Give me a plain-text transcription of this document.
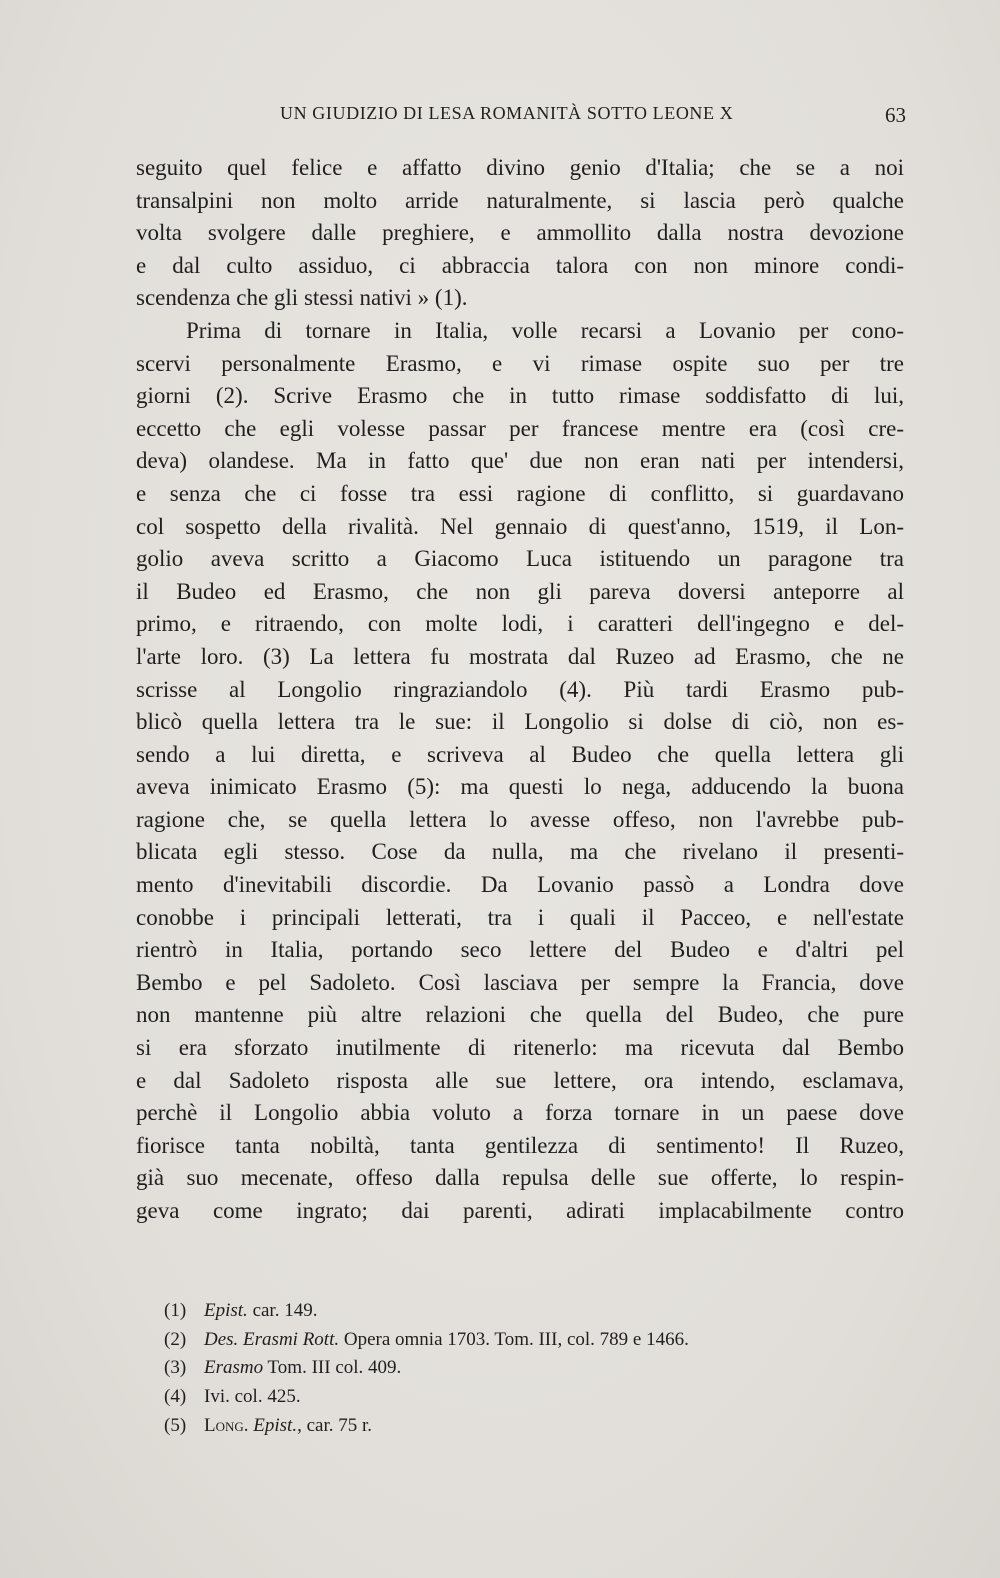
UN GIUDIZIO DI LESA ROMANITÀ SOTTO LEONE X	63
seguito quel felice e affatto divino genio d'Italia; che se a noi
transalpini non molto arride naturalmente, si lascia però qualche
volta svolgere dalle preghiere, e ammollito dalla nostra devozione
e dal culto assiduo, ci abbraccia talora con non minore condi-
scendenza che gli stessi nativi » (1).
Prima di tornare in Italia, volle recarsi a Lovanio per cono-
scervi personalmente Erasmo, e vi rimase ospite suo per tre
giorni (2). Scrive Erasmo che in tutto rimase soddisfatto di lui,
eccetto che egli volesse passar per francese mentre era (così cre-
deva) olandese. Ma in fatto que' due non eran nati per intendersi,
e senza che ci fosse tra essi ragione di conflitto, si guardavano
col sospetto della rivalità. Nel gennaio di quest'anno, 1519, il Lon-
golio aveva scritto a Giacomo Luca istituendo un paragone tra
il Budeo ed Erasmo, che non gli pareva doversi anteporre al
primo, e ritraendo, con molte lodi, i caratteri dell'ingegno e del-
l'arte loro. (3) La lettera fu mostrata dal Ruzeo ad Erasmo, che ne
scrisse al Longolio ringraziandolo (4). Più tardi Erasmo pub-
blicò quella lettera tra le sue: il Longolio si dolse di ciò, non es-
sendo a lui diretta, e scriveva al Budeo che quella lettera gli
aveva inimicato Erasmo (5): ma questi lo nega, adducendo la buona
ragione che, se quella lettera lo avesse offeso, non l'avrebbe pub-
blicata egli stesso. Cose da nulla, ma che rivelano il presenti-
mento d'inevitabili discordie. Da Lovanio passò a Londra dove
conobbe i principali letterati, tra i quali il Pacceo, e nell'estate
rientrò in Italia, portando seco lettere del Budeo e d'altri pel
Bembo e pel Sadoleto. Così lasciava per sempre la Francia, dove
non mantenne più altre relazioni che quella del Budeo, che pure
si era sforzato inutilmente di ritenerlo: ma ricevuta dal Bembo
e dal Sadoleto risposta alle sue lettere, ora intendo, esclamava,
perchè il Longolio abbia voluto a forza tornare in un paese dove
fiorisce tanta nobiltà, tanta gentilezza di sentimento! Il Ruzeo,
già suo mecenate, offeso dalla repulsa delle sue offerte, lo respin-
geva come ingrato; dai parenti, adirati implacabilmente contro
(1) Epist. car. 149.
(2) Des. Erasmi Rott. Opera omnia 1703. Tom. III, col. 789 e 1466.
(3) Erasmo Tom. III col. 409.
(4) Ivi. col. 425.
(5) Long. Epist., car. 75 r.
